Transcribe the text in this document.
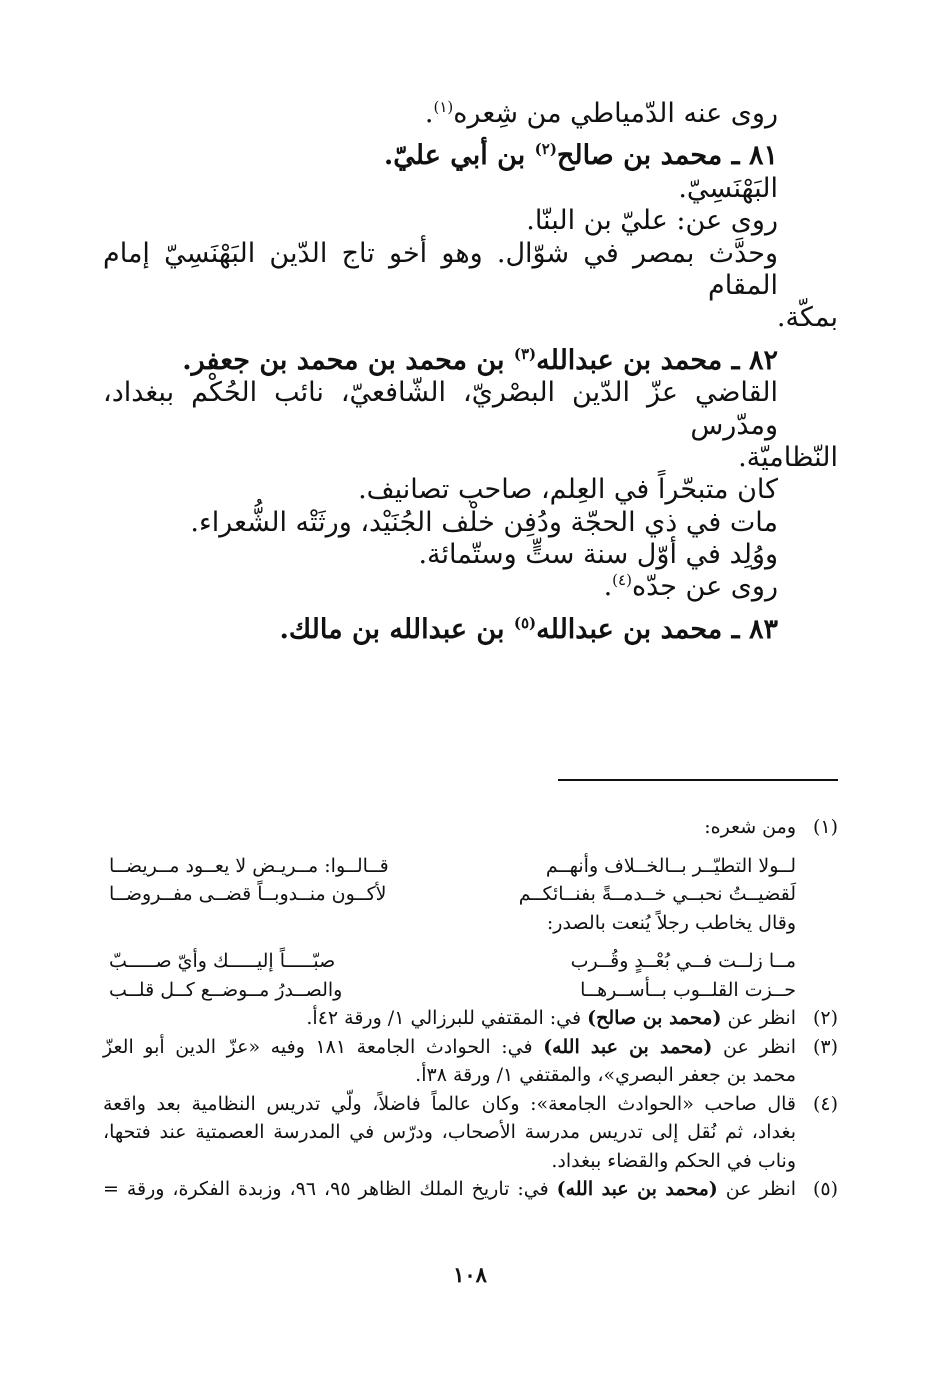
روى عنه الدّمياطي من شِعره$^{(١)}$.

٨١ ـ محمد بن صالح$^{(٢)}$ بن أبي عليّ.

البَهْنَسِيّ.

روى عن: عليّ بن البنّا.

وحدَّث بمصر في شوّال. وهو أخو تاج الدّين البَهْنَسِيّ إمام المقام

بمكّة.

٨٢ ـ محمد بن عبدالله$^{(٣)}$ بن محمد بن محمد بن جعفر.

القاضي عزّ الدّين البصْريّ، الشّافعيّ، نائب الحُكْم ببغداد، ومدّرس

النّظاميّة.

كان متبحّراً في العِلم، صاحب تصانيف.

مات في ذي الحجّة ودُفِن خلْف الجُنَيْد، ورثَتْه الشُّعراء.

ووُلِد في أوّل سنة ستٍّ وستّمائة.

روى عن جدّه$^{(٤)}$.

٨٣ ـ محمد بن عبدالله$^{(٥)}$ بن عبدالله بن مالك.

(١)
ومن شعره:
لــولا التطيّــر بــالخــلاف وأنهــم
قــالــوا: مــريـض لا يعــود مــريضــا
لَقضيــتُ نحبــي خــدمــةً بفنــائكــم
لأكــون منــدوبــاً قضــى مفــروضــا
وقال يخاطب رجلاً يُنعت بالصدر:
مــا زلــت فــي بُعْــدٍ وقُــرب
صبّـــــاً إليـــــك وأيّ صـــــبّ
حــزت القلــوب بــأســرهــا
والصــدرُ مــوضــع كــل قلــب
(٢)
انظر عن (محمد بن صالح) في: المقتفي للبرزالي ١/ ورقة ٤٢أ.
(٣)
انظر عن (محمد بن عبد الله) في: الحوادث الجامعة ١٨١ وفيه «عزّ الدين أبو العزّ
محمد بن جعفر البصري»، والمقتفي ١/ ورقة ٣٨أ.
(٤)
قال صاحب «الحوادث الجامعة»: وكان عالماً فاضلاً، ولّي تدريس النظامية بعد واقعة
بغداد، ثم نُقل إلى تدريس مدرسة الأصحاب، ودرّس في المدرسة العصمتية عند فتحها،
وناب في الحكم والقضاء ببغداد.
(٥)
انظر عن (محمد بن عبد الله) في: تاريخ الملك الظاهر ٩٥، ٩٦، وزبدة الفكرة، ورقة =
١٠٨
